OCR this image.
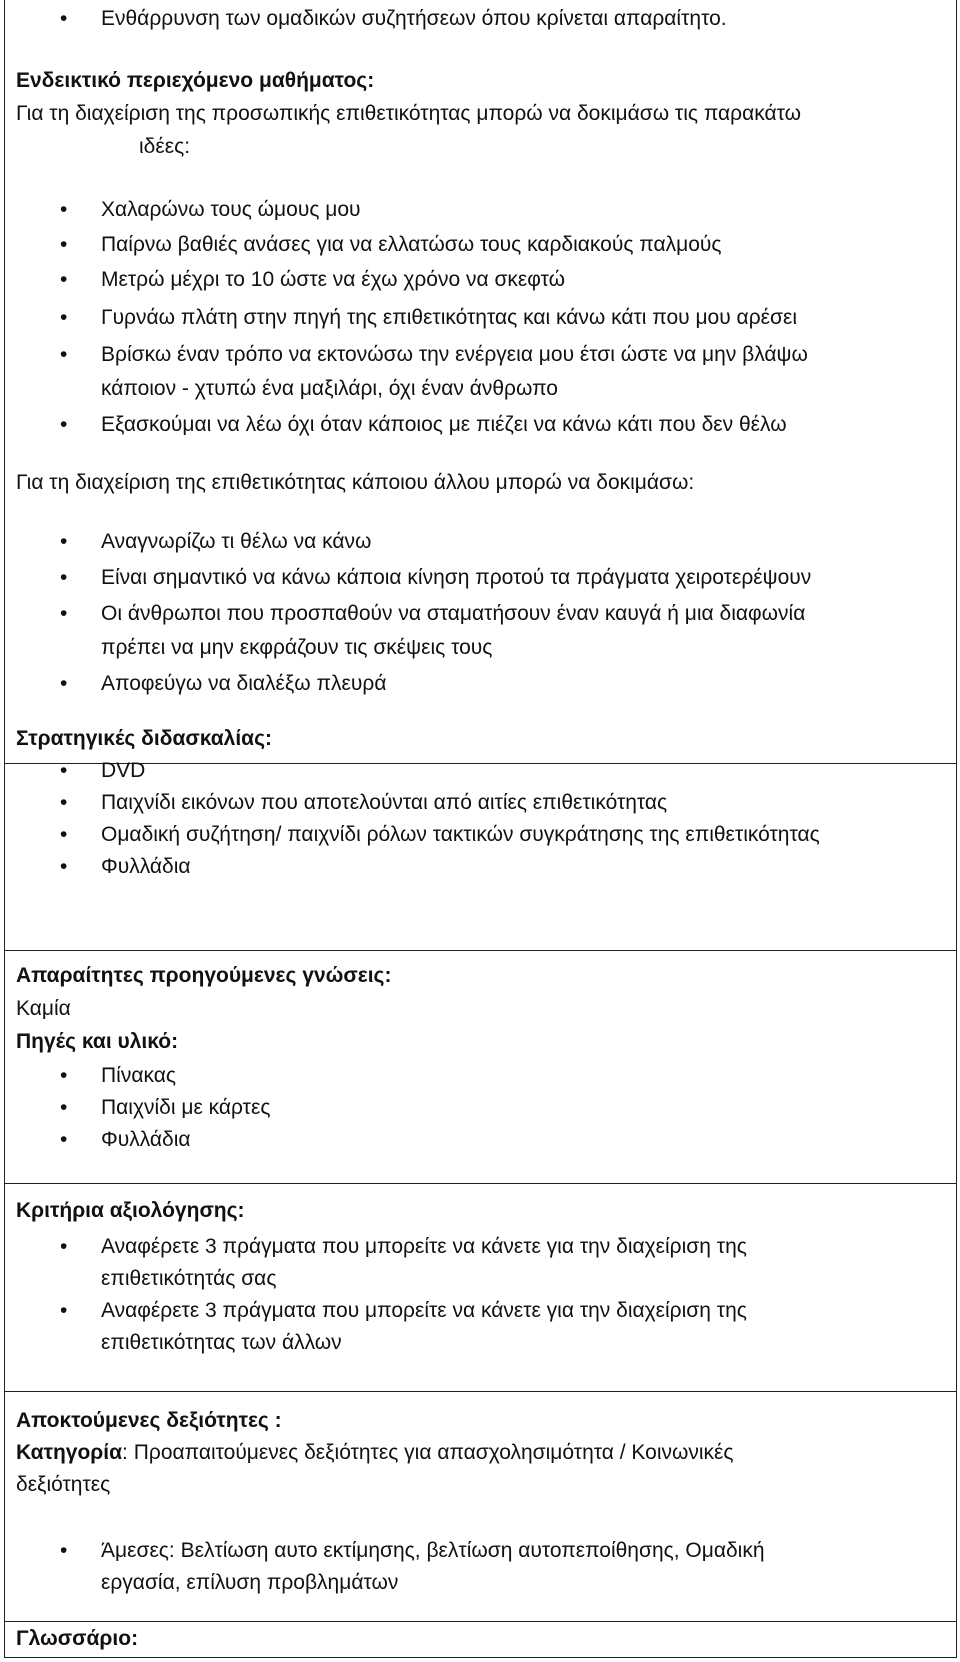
•	Ενθάρρυνση των ομαδικών συζητήσεων όπου κρίνεται απαραίτητο.
Ενδεικτικό περιεχόμενο μαθήματος:
Για τη διαχείριση της προσωπικής επιθετικότητας μπορώ να δοκιμάσω τις παρακάτω
ιδέες:
•	Χαλαρώνω τους ώμους μου
•	Παίρνω βαθιές ανάσες για να ελλατώσω τους καρδιακούς παλμούς
•	Μετρώ μέχρι το 10 ώστε να έχω χρόνο να σκεφτώ
•	Γυρνάω πλάτη στην πηγή της επιθετικότητας και κάνω κάτι που μου αρέσει
•	Βρίσκω έναν τρόπο να εκτονώσω την ενέργεια μου έτσι ώστε να μην βλάψω
κάποιον - χτυπώ ένα μαξιλάρι, όχι έναν άνθρωπο
•	Εξασκούμαι να λέω όχι όταν κάποιος με πιέζει να κάνω κάτι που δεν θέλω
Για τη διαχείριση της επιθετικότητας κάποιου άλλου μπορώ να δοκιμάσω:
•	Αναγνωρίζω τι θέλω να κάνω
•	Είναι σημαντικό να κάνω κάποια κίνηση προτού τα πράγματα χειροτερέψουν
•	Οι άνθρωποι που προσπαθούν να σταματήσουν έναν καυγά ή μια διαφωνία
πρέπει να μην εκφράζουν τις σκέψεις τους
•	Αποφεύγω να διαλέξω πλευρά
Στρατηγικές διδασκαλίας:
•	DVD
•	Παιχνίδι εικόνων που αποτελούνται από αιτίες επιθετικότητας
•	Ομαδική συζήτηση/ παιχνίδι ρόλων τακτικών συγκράτησης της επιθετικότητας
•	Φυλλάδια
Απαραίτητες προηγούμενες γνώσεις:
Καμία
Πηγές και υλικό:
•	Πίνακας
•	Παιχνίδι με κάρτες
•	Φυλλάδια
Κριτήρια αξιολόγησης:
•	Αναφέρετε 3 πράγματα που μπορείτε να κάνετε για την διαχείριση της
επιθετικότητάς σας
•	Αναφέρετε 3 πράγματα που μπορείτε να κάνετε για την διαχείριση της
επιθετικότητας των άλλων
Αποκτούμενες δεξιότητες :
Κατηγορία: Προαπαιτούμενες δεξιότητες για απασχολησιμότητα / Κοινωνικές
δεξιότητες
•	Άμεσες: Βελτίωση αυτο εκτίμησης, βελτίωση αυτοπεποίθησης, Ομαδική
εργασία, επίλυση προβλημάτων
Γλωσσάριο:
